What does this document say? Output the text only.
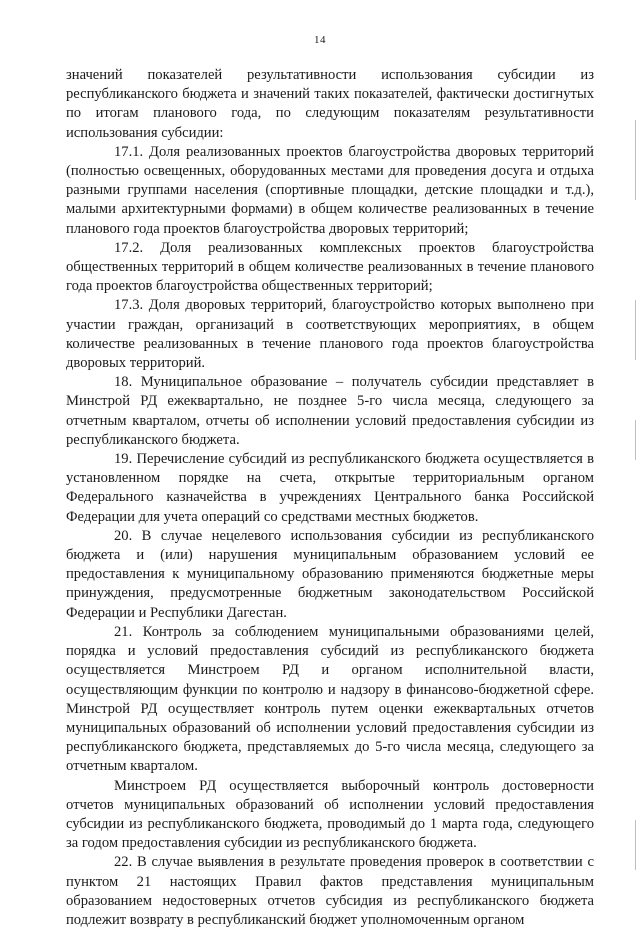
14

значений показателей результативности использования субсидии из республиканского бюджета и значений таких показателей, фактически достигнутых по итогам планового года, по следующим показателям результативности использования субсидии:

17.1. Доля реализованных проектов благоустройства дворовых территорий (полностью освещенных, оборудованных местами для проведения досуга и отдыха разными группами населения (спортивные площадки, детские площадки и т.д.), малыми архитектурными формами) в общем количестве реализованных в течение планового года проектов благоустройства дворовых территорий;

17.2. Доля реализованных комплексных проектов благоустройства общественных территорий в общем количестве реализованных в течение планового года проектов благоустройства общественных территорий;

17.3. Доля дворовых территорий, благоустройство которых выполнено при участии граждан, организаций в соответствующих мероприятиях, в общем количестве реализованных в течение планового года проектов благоустройства дворовых территорий.

18. Муниципальное образование – получатель субсидии представляет в Минстрой РД ежеквартально, не позднее 5-го числа месяца, следующего за отчетным кварталом, отчеты об исполнении условий предоставления субсидии из республиканского бюджета.

19. Перечисление субсидий из республиканского бюджета осуществляется в установленном порядке на счета, открытые территориальным органом Федерального казначейства в учреждениях Центрального банка Российской Федерации для учета операций со средствами местных бюджетов.

20. В случае нецелевого использования субсидии из республиканского бюджета и (или) нарушения муниципальным образованием условий ее предоставления к муниципальному образованию применяются бюджетные меры принуждения, предусмотренные бюджетным законодательством Российской Федерации и Республики Дагестан.

21. Контроль за соблюдением муниципальными образованиями целей, порядка и условий предоставления субсидий из республиканского бюджета осуществляется Минстроем РД и органом исполнительной власти, осуществляющим функции по контролю и надзору в финансово-бюджетной сфере. Минстрой РД осуществляет контроль путем оценки ежеквартальных отчетов муниципальных образований об исполнении условий предоставления субсидии из республиканского бюджета, представляемых до 5-го числа месяца, следующего за отчетным кварталом.

Минстроем РД осуществляется выборочный контроль достоверности отчетов муниципальных образований об исполнении условий предоставления субсидии из республиканского бюджета, проводимый до 1 марта года, следующего за годом предоставления субсидии из республиканского бюджета.

22. В случае выявления в результате проведения проверок в соответствии с пунктом 21 настоящих Правил фактов представления муниципальным образованием недостоверных отчетов субсидия из республиканского бюджета подлежит возврату в республиканский бюджет уполномоченным органом
